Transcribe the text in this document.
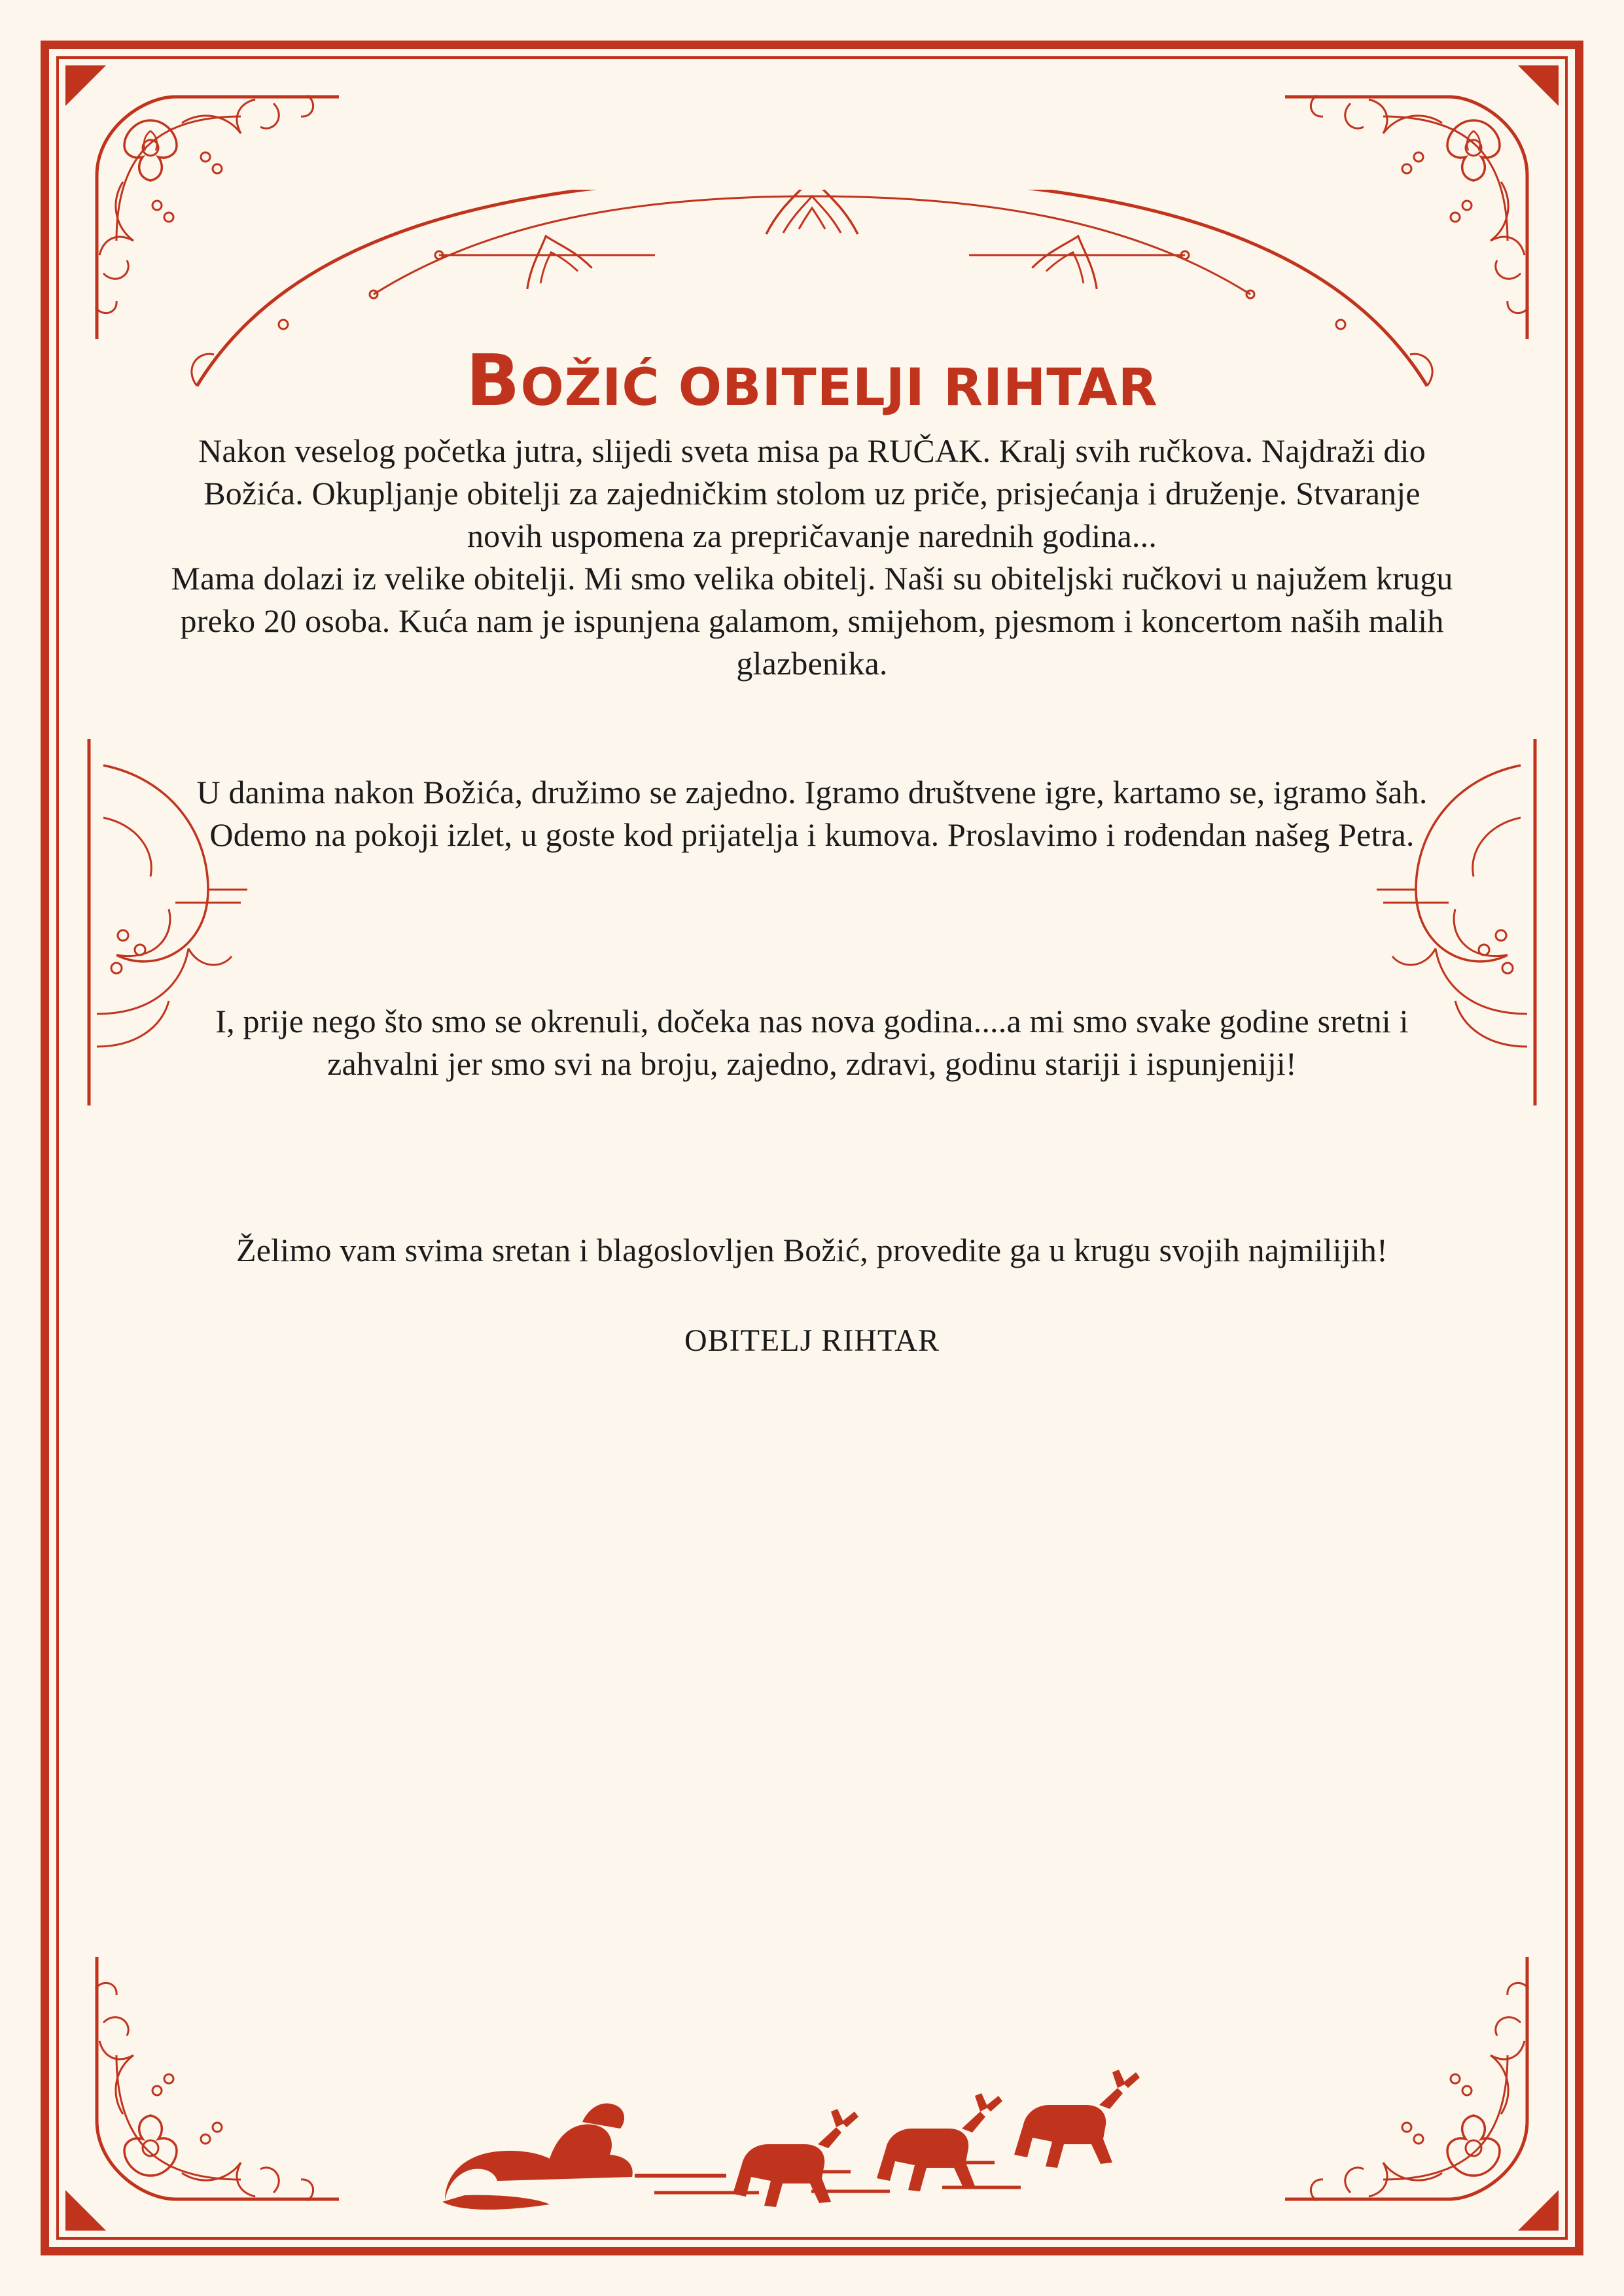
BOŽIĆ OBITELJI RIHTAR

Nakon veselog početka jutra, slijedi sveta misa pa RUČAK. Kralj svih ručkova. Najdraži dio Božića. Okupljanje obitelji za zajedničkim stolom uz priče, prisjećanja i druženje. Stvaranje novih uspomena za prepričavanje narednih godina...

Mama dolazi iz velike obitelji. Mi smo velika obitelj. Naši su obiteljski ručkovi u najužem krugu preko 20 osoba. Kuća nam je ispunjena galamom, smijehom, pjesmom i koncertom naših malih glazbenika.

U danima nakon Božića, družimo se zajedno. Igramo društvene igre, kartamo se, igramo šah. Odemo na pokoji izlet, u goste kod prijatelja i kumova. Proslavimo i rođendan našeg Petra.

I, prije nego što smo se okrenuli, dočeka nas nova godina....a mi smo svake godine sretni i zahvalni jer smo svi na broju, zajedno, zdravi, godinu stariji i ispunjeniji!

Želimo vam svima sretan i blagoslovljen Božić, provedite ga u krugu svojih najmilijih!

OBITELJ RIHTAR
